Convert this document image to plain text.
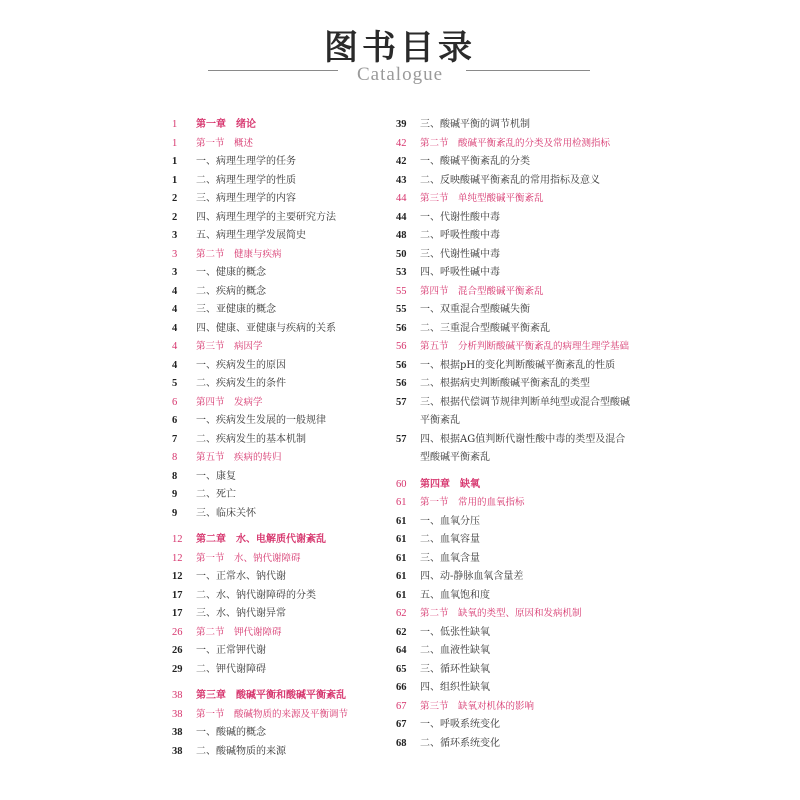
图书目录
Catalogue
1	第一章　绪论
1	第一节　概述
1	一、病理生理学的任务
1	二、病理生理学的性质
2	三、病理生理学的内容
2	四、病理生理学的主要研究方法
3	五、病理生理学发展简史
3	第二节　健康与疾病
3	一、健康的概念
4	二、疾病的概念
4	三、亚健康的概念
4	四、健康、亚健康与疾病的关系
4	第三节　病因学
4	一、疾病发生的原因
5	二、疾病发生的条件
6	第四节　发病学
6	一、疾病发生发展的一般规律
7	二、疾病发生的基本机制
8	第五节　疾病的转归
8	一、康复
9	二、死亡
9	三、临床关怀
12	第二章　水、电解质代谢紊乱
12	第一节　水、钠代谢障碍
12	一、正常水、钠代谢
17	二、水、钠代谢障碍的分类
17	三、水、钠代谢异常
26	第二节　钾代谢障碍
26	一、正常钾代谢
29	二、钾代谢障碍
38	第三章　酸碱平衡和酸碱平衡紊乱
38	第一节　酸碱物质的来源及平衡调节
38	一、酸碱的概念
38	二、酸碱物质的来源
39	三、酸碱平衡的调节机制
42	第二节　酸碱平衡紊乱的分类及常用检测指标
42	一、酸碱平衡紊乱的分类
43	二、反映酸碱平衡紊乱的常用指标及意义
44	第三节　单纯型酸碱平衡紊乱
44	一、代谢性酸中毒
48	二、呼吸性酸中毒
50	三、代谢性碱中毒
53	四、呼吸性碱中毒
55	第四节　混合型酸碱平衡紊乱
55	一、双重混合型酸碱失衡
56	二、三重混合型酸碱平衡紊乱
56	第五节　分析判断酸碱平衡紊乱的病理生理学基础
56	一、根据pH的变化判断酸碱平衡紊乱的性质
56	二、根据病史判断酸碱平衡紊乱的类型
57	三、根据代偿调节规律判断单纯型或混合型酸碱平衡紊乱
57	四、根据AG值判断代谢性酸中毒的类型及混合型酸碱平衡紊乱
60	第四章　缺氧
61	第一节　常用的血氧指标
61	一、血氧分压
61	二、血氧容量
61	三、血氧含量
61	四、动-静脉血氧含量差
61	五、血氧饱和度
62	第二节　缺氧的类型、原因和发病机制
62	一、低张性缺氧
64	二、血液性缺氧
65	三、循环性缺氧
66	四、组织性缺氧
67	第三节　缺氧对机体的影响
67	一、呼吸系统变化
68	二、循环系统变化
